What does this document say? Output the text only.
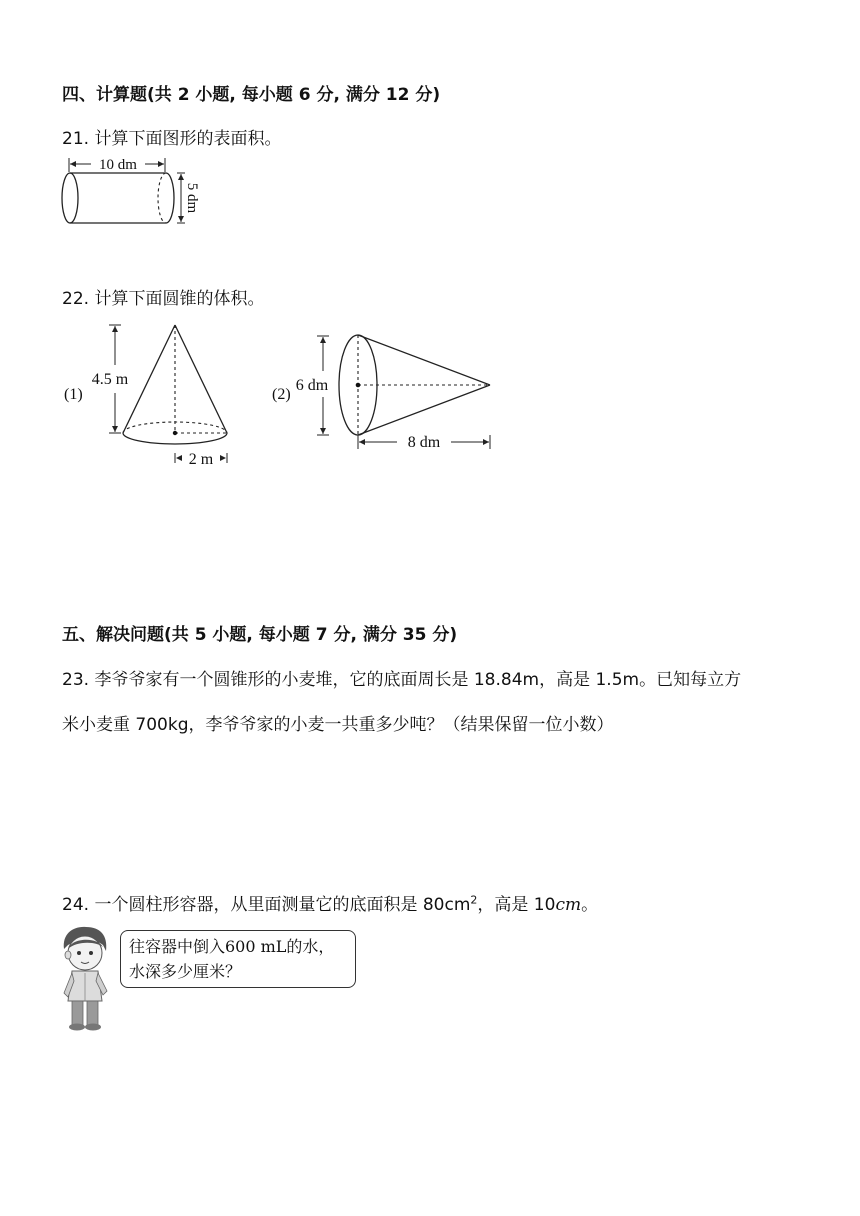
四、计算题(共 2 小题, 每小题 6 分, 满分 12 分)
21. 计算下面图形的表面积。
10 dm
5 dm
22. 计算下面圆锥的体积。
(1)
4.5 m
2 m
(2)
6 dm
8 dm
五、解决问题(共 5 小题, 每小题 7 分, 满分 35 分)
23. 李爷爷家有一个圆锥形的小麦堆，它的底面周长是 18.84m，高是 1.5m。已知每立方
米小麦重 700kg，李爷爷家的小麦一共重多少吨？（结果保留一位小数）
24. 一个圆柱形容器，从里面测量它的底面积是 $80cm^2$，高是 10cm。
往容器中倒入600 mL的水，
水深多少厘米？
